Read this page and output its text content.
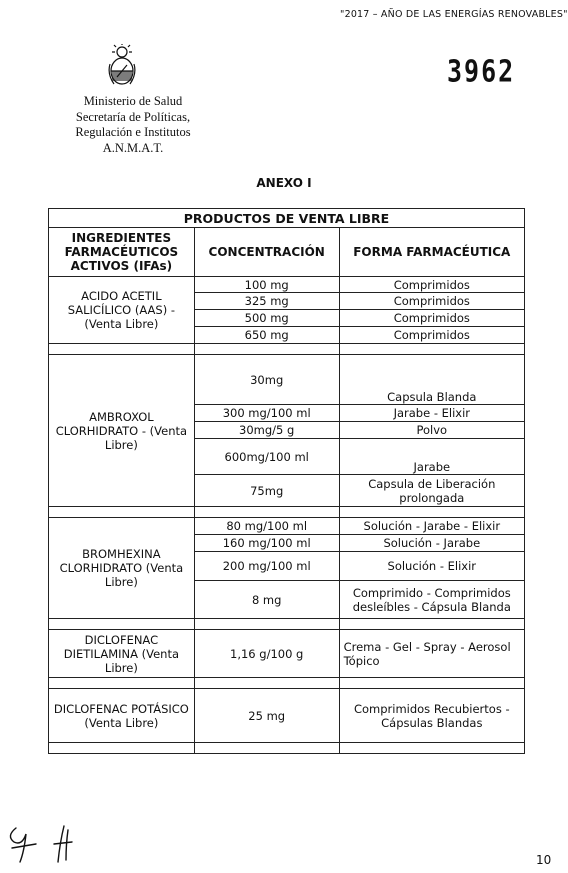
"2017 – AÑO DE LAS ENERGÍAS RENOVABLES"
Ministerio de Salud
Secretaría de Políticas,
Regulación e Institutos
A.N.M.A.T.
3962
ANEXO I
PRODUCTOS DE VENTA LIBRE		
INGREDIENTES FARMACÉUTICOS ACTIVOS (IFAs)	CONCENTRACIÓN	FORMA FARMACÉUTICA
ACIDO ACETIL SALICÍLICO (AAS) - (Venta Libre)	100 mg	Comprimidos
	325 mg	Comprimidos
	500 mg	Comprimidos
	650 mg	Comprimidos

AMBROXOL CLORHIDRATO - (Venta Libre)	30mg	Capsula Blanda
	300 mg/100 ml	Jarabe - Elixir
	30mg/5 g	Polvo
	600mg/100 ml	Jarabe
	75mg	Capsula de Liberación prolongada

BROMHEXINA CLORHIDRATO (Venta Libre)	80 mg/100 ml	Solución - Jarabe - Elixir
	160 mg/100 ml	Solución - Jarabe
	200 mg/100 ml	Solución - Elixir
	8 mg	Comprimido - Comprimidos desleíbles - Cápsula Blanda

DICLOFENAC DIETILAMINA (Venta Libre)	1,16 g/100 g	Crema - Gel - Spray - Aerosol Tópico

DICLOFENAC POTÁSICO (Venta Libre)	25 mg	Comprimidos Recubiertos - Cápsulas Blandas

10
